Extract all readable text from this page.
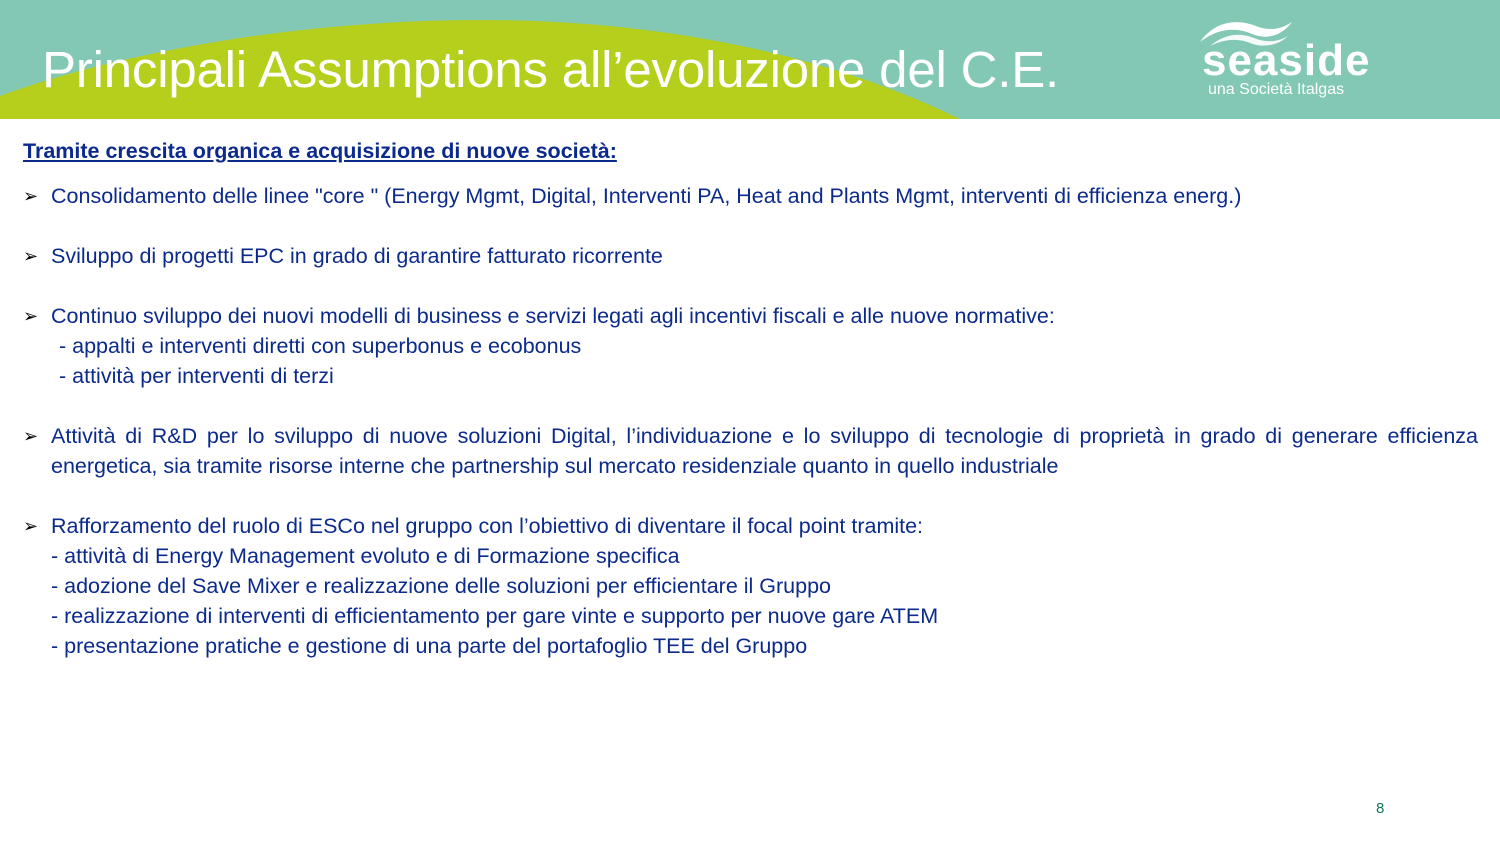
Principali Assumptions all’evoluzione del C.E.	seaside
una Società Italgas
Tramite crescita organica e acquisizione di nuove società:
➢ Consolidamento delle linee "core " (Energy Mgmt, Digital, Interventi PA, Heat and Plants Mgmt, interventi di efficienza energ.)
➢ Sviluppo di progetti EPC in grado di garantire fatturato ricorrente
➢ Continuo sviluppo dei nuovi modelli di business e servizi legati agli incentivi fiscali e alle nuove normative:
- appalti e interventi diretti con superbonus e ecobonus
- attività per interventi di terzi
➢ Attività di R&D per lo sviluppo di nuove soluzioni Digital, l’individuazione e lo sviluppo di tecnologie di proprietà in grado di generare efficienza energetica, sia tramite risorse interne che partnership sul mercato residenziale quanto in quello industriale
➢ Rafforzamento del ruolo di ESCo nel gruppo con l’obiettivo di diventare il focal point tramite:
- attività di Energy Management evoluto e di Formazione specifica
- adozione del Save Mixer e realizzazione delle soluzioni per efficientare il Gruppo
- realizzazione di interventi di efficientamento per gare vinte e supporto per nuove gare ATEM
- presentazione pratiche e gestione di una parte del portafoglio TEE del Gruppo
8
